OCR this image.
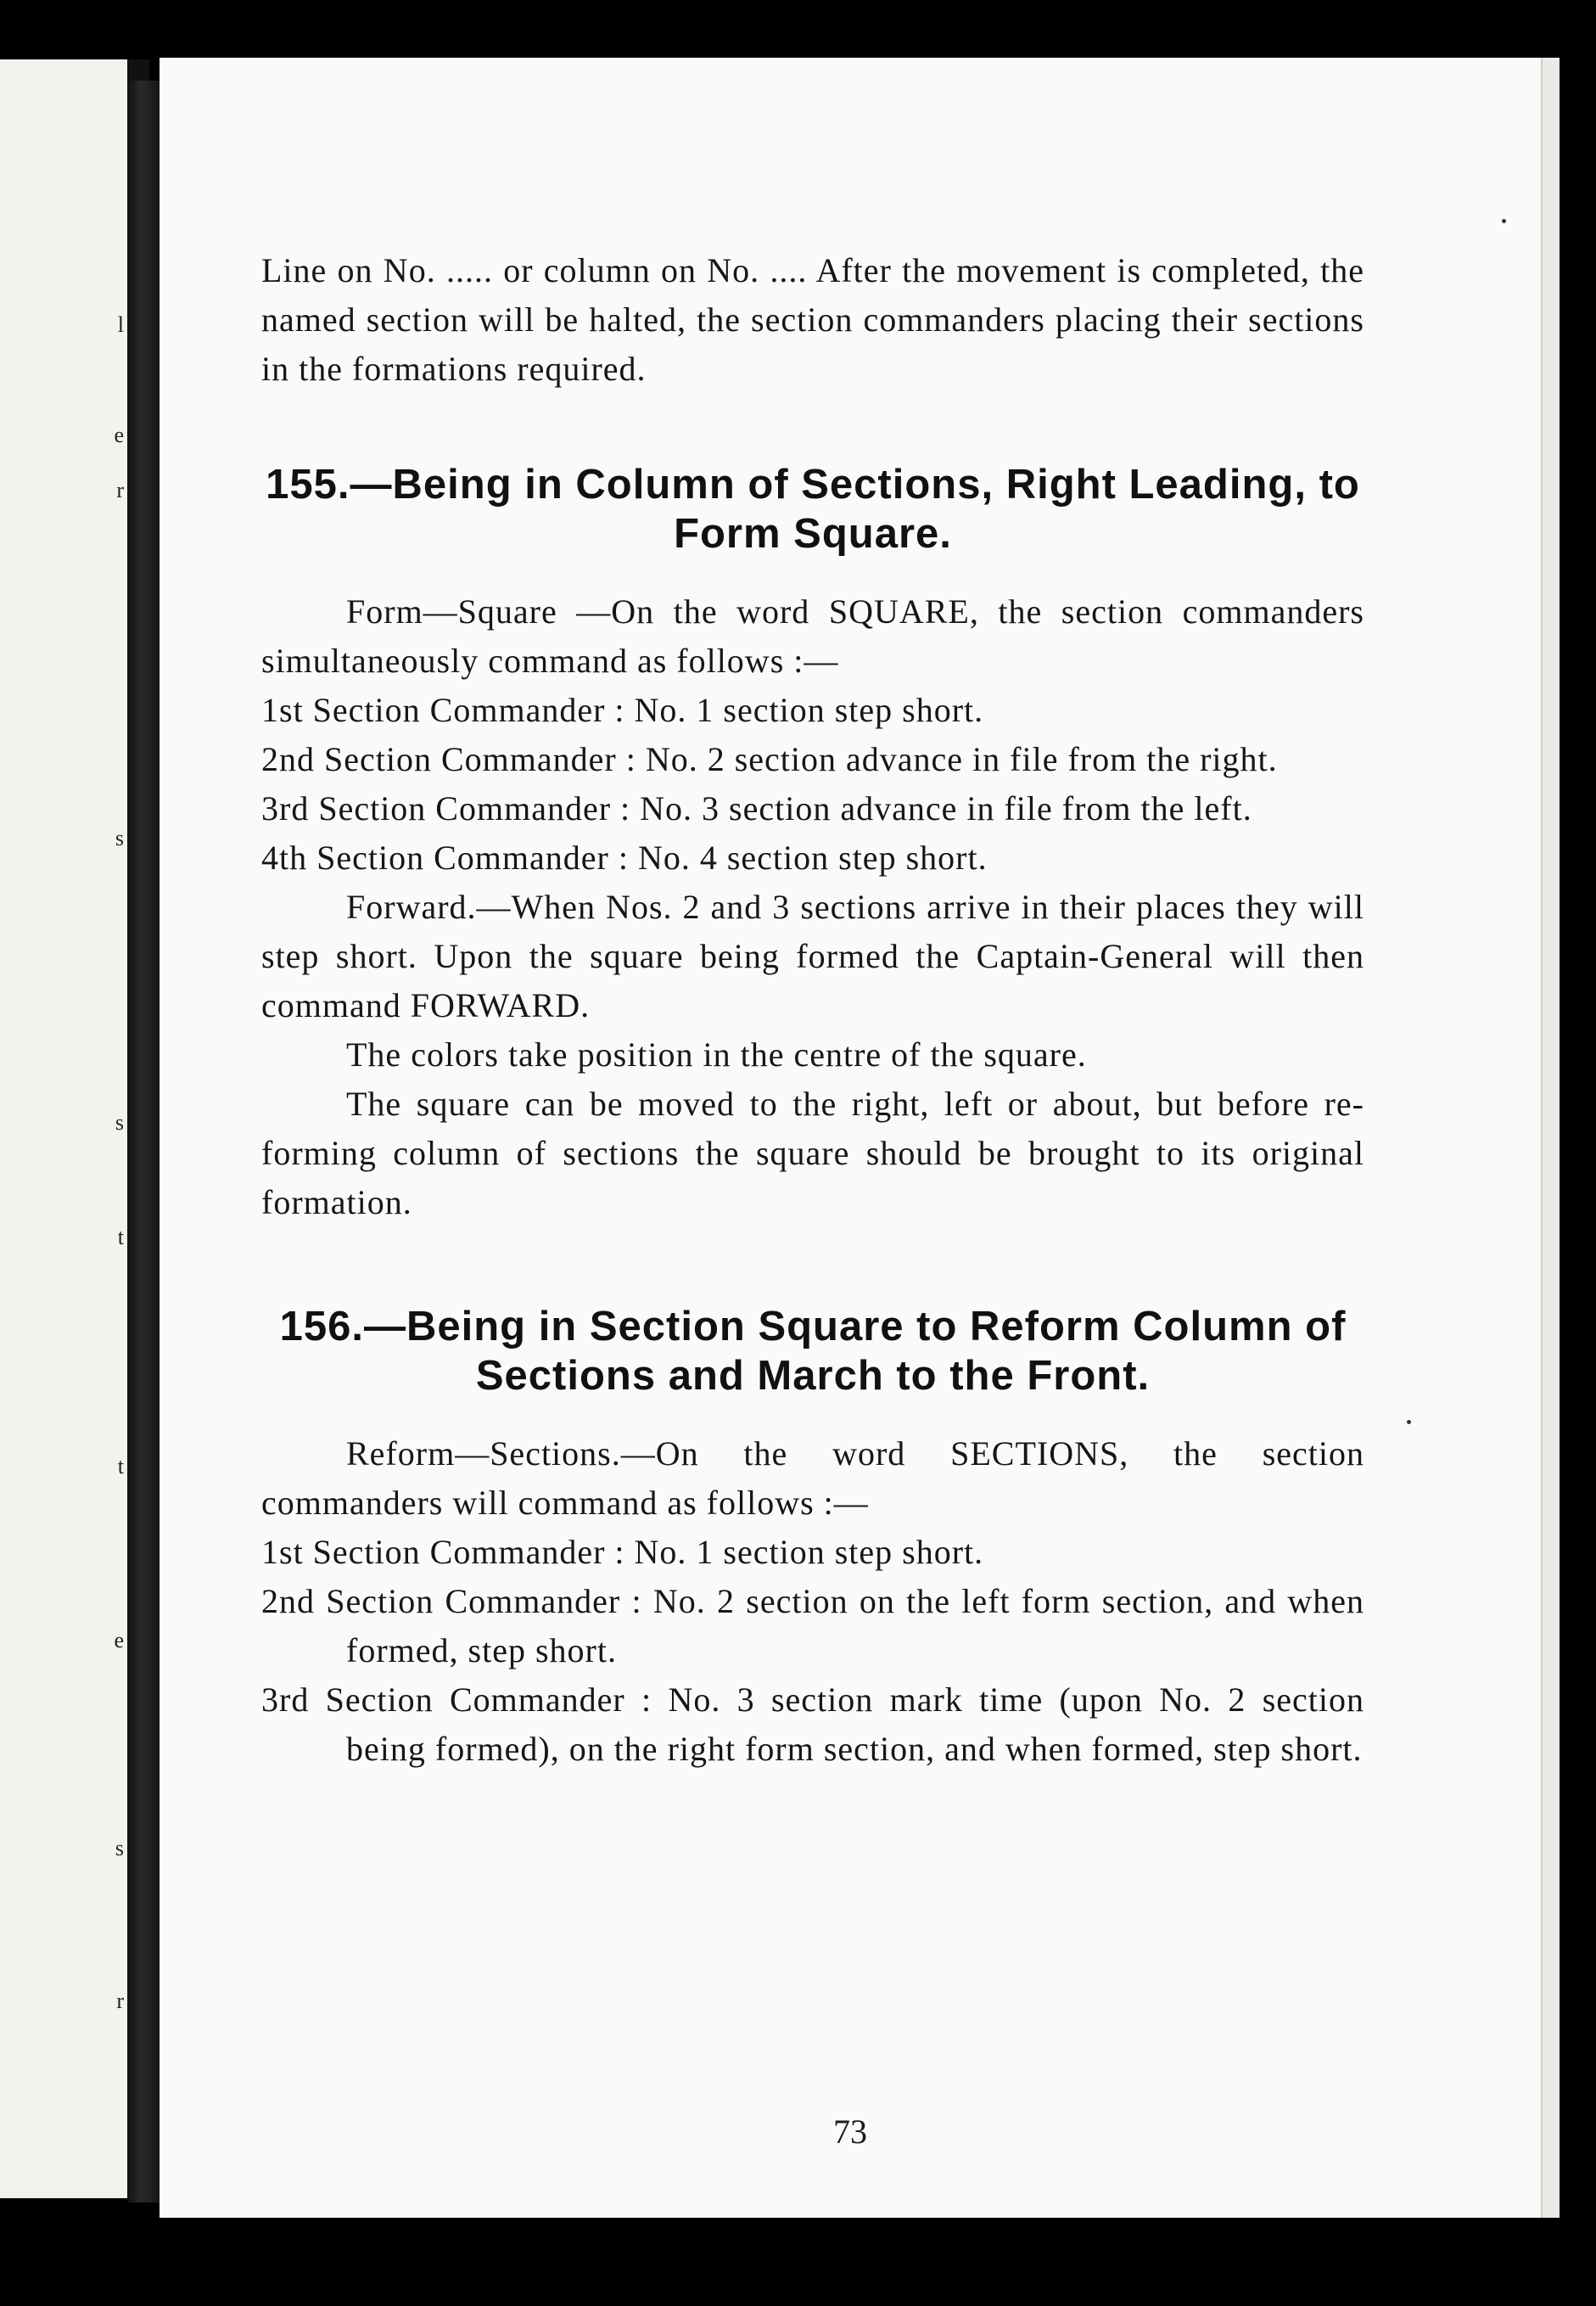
l
e
r
s
s
t
t
e
s
r

Line on No. ..... or column on No. .... After the movement is completed, the named section will be halted, the section commanders placing their sections in the formations required.

155.—Being in Column of Sections, Right Leading, to Form Square.

Form—Square —On the word SQUARE, the section commanders simultaneously command as follows :—

1st Section Commander : No. 1 section step short.

2nd Section Commander : No. 2 section advance in file from the right.

3rd Section Commander : No. 3 section advance in file from the left.

4th Section Commander : No. 4 section step short.

Forward.—When Nos. 2 and 3 sections arrive in their places they will step short. Upon the square being formed the Captain-General will then command FORWARD.

The colors take position in the centre of the square.

The square can be moved to the right, left or about, but before re-forming column of sections the square should be brought to its original formation.

156.—Being in Section Square to Reform Column of Sections and March to the Front.

Reform—Sections.—On the word SECTIONS, the section commanders will command as follows :—

1st Section Commander : No. 1 section step short.

2nd Section Commander : No. 2 section on the left form section, and when formed, step short.

3rd Section Commander : No. 3 section mark time (upon No. 2 section being formed), on the right form section, and when formed, step short.

73
